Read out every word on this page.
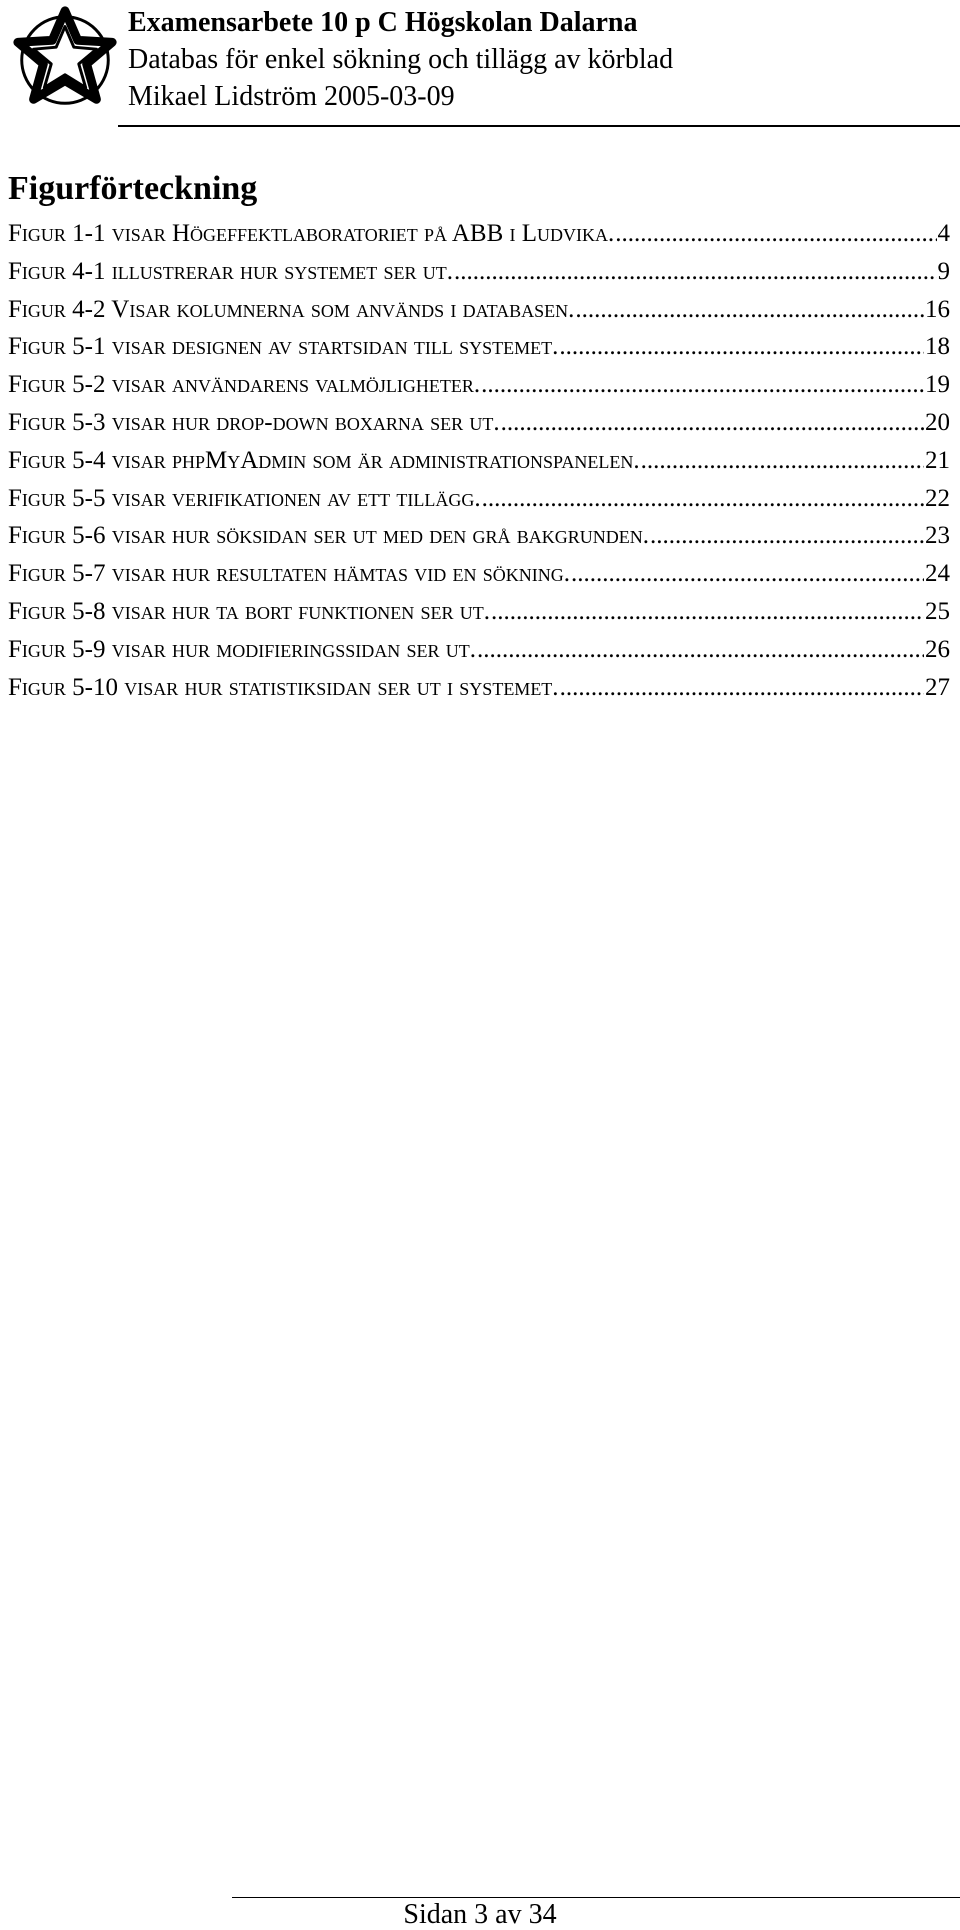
Examensarbete 10 p C Högskolan Dalarna
Databas för enkel sökning och tillägg av körblad
Mikael Lidström 2005-03-09
Figurförteckning
Figur 1-1 visar Högeffektlaboratoriet på ABB i Ludvika. .....	4
Figur 4-1 illustrerar hur systemet ser ut. .....	9
Figur 4-2 Visar kolumnerna som används i databasen. .....	16
Figur 5-1 visar designen av startsidan till systemet. .....	18
Figur 5-2 visar användarens valmöjligheter. .....	19
Figur 5-3 visar hur drop-down boxarna ser ut. .....	20
Figur 5-4 visar phpMyAdmin som är administrationspanelen. .....	21
Figur 5-5 visar verifikationen av ett tillägg. .....	22
Figur 5-6 visar hur söksidan ser ut med den grå bakgrunden. .....	23
Figur 5-7 visar hur resultaten hämtas vid en sökning. .....	24
Figur 5-8 visar hur ta bort funktionen ser ut. .....	25
Figur 5-9 visar hur modifieringssidan ser ut. .....	26
Figur 5-10 visar hur statistiksidan ser ut i systemet. .....	27
Sidan 3 av 34
